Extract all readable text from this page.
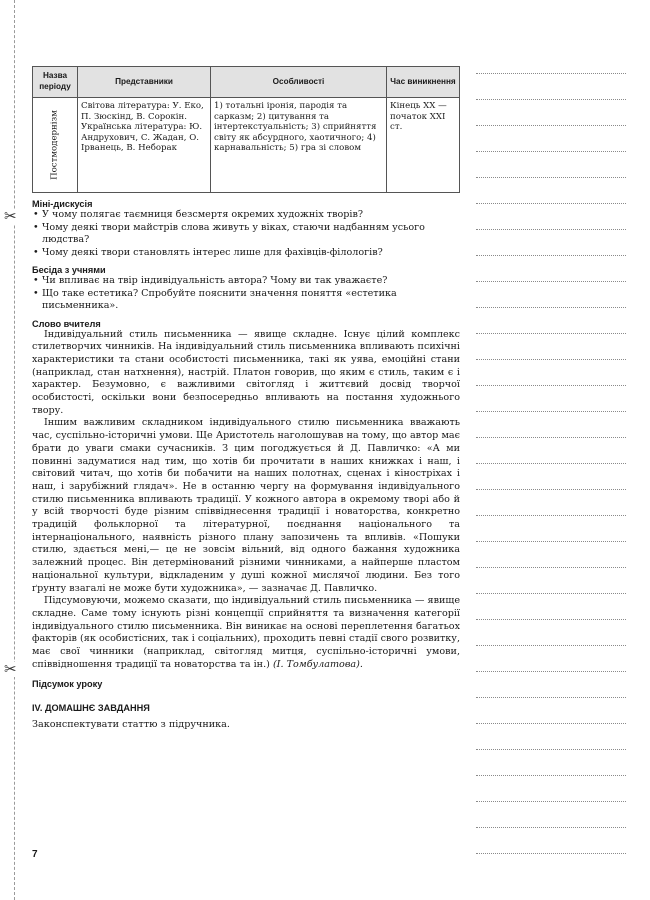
✂
✂
Назва періоду	Представники	Особливості	Час виникнення

Постмодернізм	Світова література: У. Еко, П. Зюскінд, В. Сорокін. Українська література: Ю. Андрухович, С. Жадан, О. Ірванець, В. Неборак	1) тотальні іронія, пародія та сарказм; 2) цитування та інтертекстуальність; 3) сприйняття світу як абсурдного, хаотичного; 4) карнавальність; 5) гра зі словом	Кінець XX — початок XXI ст.
Міні-дискусія
• У чому полягає таємниця безсмертя окремих художніх творів?
• Чому деякі твори майстрів слова живуть у віках, стаючи надбанням усього людства?
• Чому деякі твори становлять інтерес лише для фахівців-філологів?
Бесіда з учнями
• Чи впливає на твір індивідуальність автора? Чому ви так уважаєте?
• Що таке естетика? Спробуйте пояснити значення поняття «естетика письменника».
Слово вчителя

Індивідуальний стиль письменника — явище складне. Існує цілий комплекс стилетворчих чинників. На індивідуальний стиль письменника впливають психічні характеристики та стани особистості письменника, такі як уява, емоційні стани (наприклад, стан натхнення), настрій. Платон говорив, що яким є стиль, таким є і характер. Безумовно, є важливими світогляд і життєвий досвід творчої особистості, оскільки вони безпосередньо впливають на постання художнього твору.

Іншим важливим складником індивідуального стилю письменника вважають час, суспільно-історичні умови. Ще Аристотель наголошував на тому, що автор має брати до уваги смаки сучасників. З цим погоджується й Д. Павличко: «А ми повинні задуматися над тим, що хотів би прочитати в наших книжках і наш, і світовий читач, що хотів би побачити на наших полотнах, сценах і кіностріхах і наш, і зарубіжний глядач». Не в останню чергу на формування індивідуального стилю письменника впливають традиції. У кожного автора в окремому творі або й у всій творчості буде різним співвіднесення традиції і новаторства, конкретно традицій фольклорної та літературної, поєднання національного та інтернаціонального, наявність різного плану запозичень та впливів. «Пошуки стилю, здається мені,— це не зовсім вільний, від одного бажання художника залежний процес. Він детермінований різними чинниками, а найперше пластом національної культури, відкладеним у душі кожної мислячої людини. Без того ґрунту взагалі не може бути художника», — зазначає Д. Павличко.

Підсумовуючи, можемо сказати, що індивідуальний стиль письменника — явище складне. Саме тому існують різні концепції сприйняття та визначення категорії індивідуального стилю письменника. Він виникає на основі переплетення багатьох факторів (як особистісних, так і соціальних), проходить певні стадії свого розвитку, має свої чинники (наприклад, світогляд митця, суспільно-історичні умови, співвідношення традиції та новаторства та ін.) (І. Томбулатова).

Підсумок уроку
IV. ДОМАШНЄ ЗАВДАННЯ

Законспектувати статтю з підручника.

7
